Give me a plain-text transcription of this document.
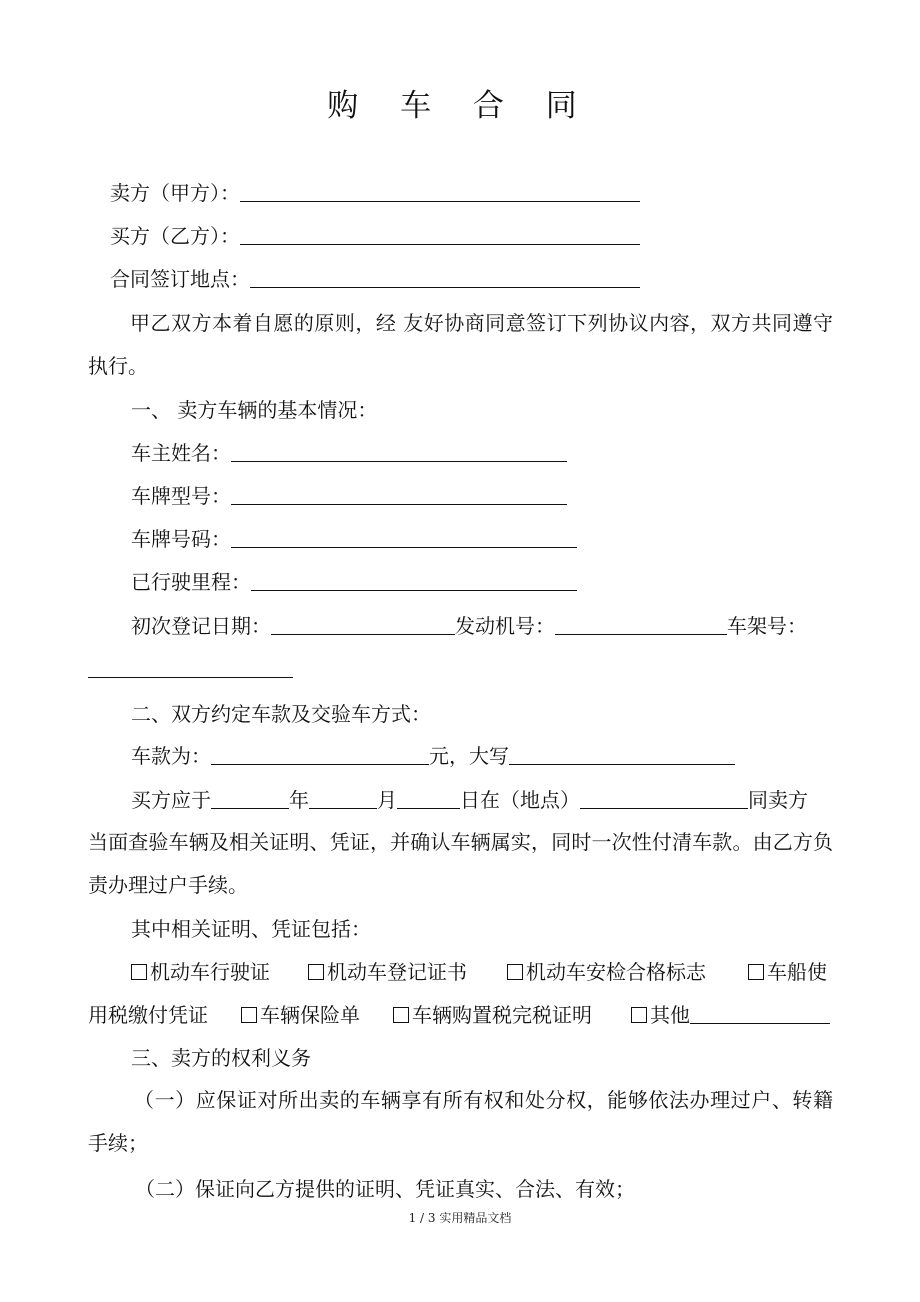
购 车 合 同
卖方（甲方）：
买方（乙方）：
合同签订地点：
甲乙双方本着自愿的原则，经 友好协商同意签订下列协议内容，双方共同遵守执行。
一、 卖方车辆的基本情况：
车主姓名：
车牌型号：
车牌号码：
已行驶里程：
初次登记日期：	发动机号：	车架号：
二、双方约定车款及交验车方式：
车款为：	元，大写
买方应于	年	月	日在（地点）	同卖方
当面查验车辆及相关证明、凭证，并确认车辆属实，同时一次性付清车款。由乙方负责办理过户手续。
其中相关证明、凭证包括：
机动车行驶证	机动车登记证书	机动车安检合格标志	车船使
用税缴付凭证	车辆保险单	车辆购置税完税证明	其他
三、卖方的权利义务
（一）应保证对所出卖的车辆享有所有权和处分权，能够依法办理过户、转籍手续；
（二）保证向乙方提供的证明、凭证真实、合法、有效；
1 / 3 实用精品文档
